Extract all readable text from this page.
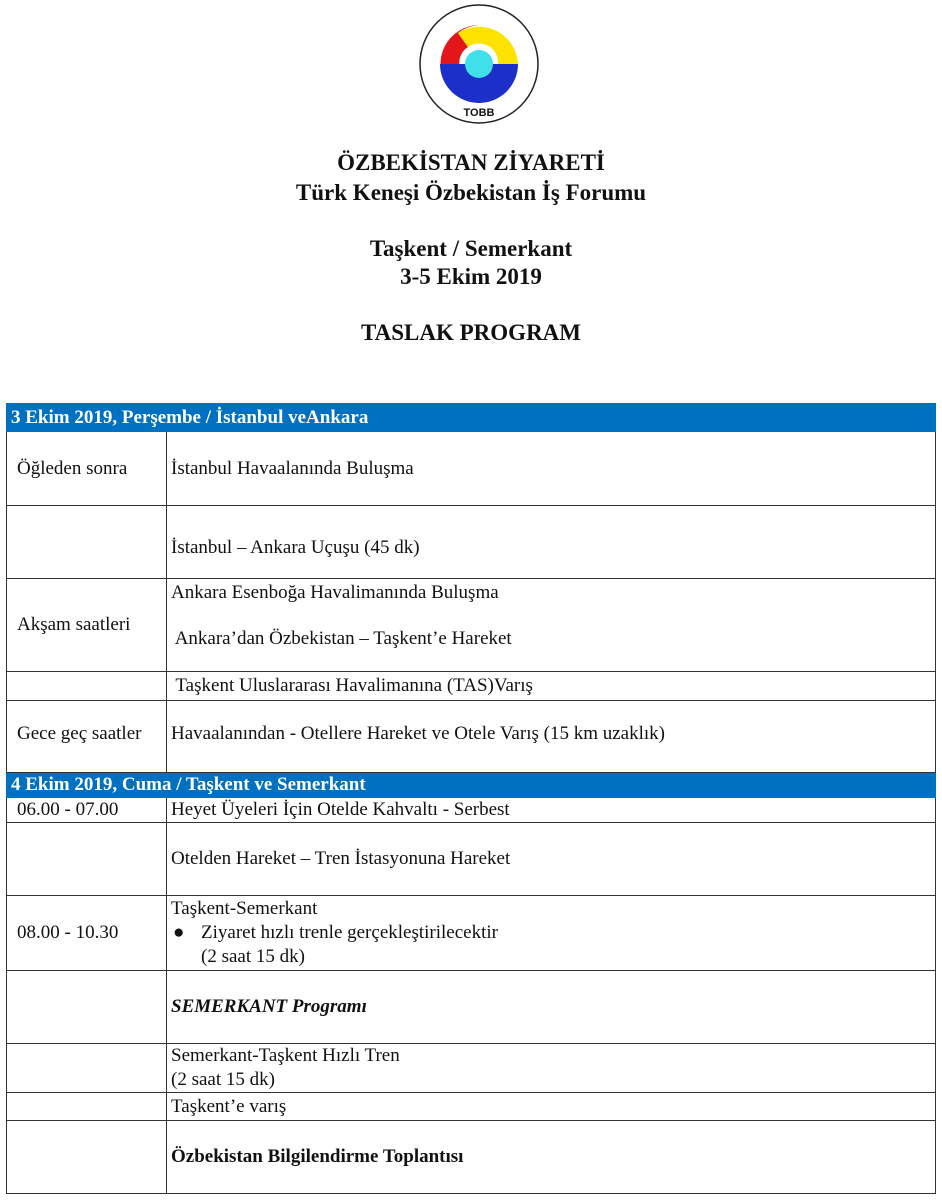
TOBB
ÖZBEKİSTAN ZİYARETİ
Türk Keneşi Özbekistan İş Forumu
Taşkent / Semerkant
3-5 Ekim 2019
TASLAK PROGRAM
3 Ekim 2019, Perşembe / İstanbul veAnkara	
Öğleden sonra	İstanbul Havaalanında Buluşma

	İstanbul – Ankara Uçuşu (45 dk)

Akşam saatleri	Ankara Esenboğa Havalimanında Buluşma
Ankara’dan Özbekistan – Taşkent’e Hareket

	Taşkent Uluslararası Havalimanına (TAS)Varış

Gece geç saatler	Havaalanından - Otellere Hareket ve Otele Varış (15 km uzaklık)

4 Ekim 2019, Cuma / Taşkent ve Semerkant	
06.00 - 07.00	Heyet Üyeleri İçin Otelde Kahvaltı - Serbest

	Otelden Hareket – Tren İstasyonuna Hareket

08.00 - 10.30	Taşkent-Semerkant
● Ziyaret hızlı trenle gerçekleştirilecektir
(2 saat 15 dk)

	SEMERKANT Programı

	Semerkant-Taşkent Hızlı Tren
(2 saat 15 dk)

	Taşkent’e varış

	Özbekistan Bilgilendirme Toplantısı
